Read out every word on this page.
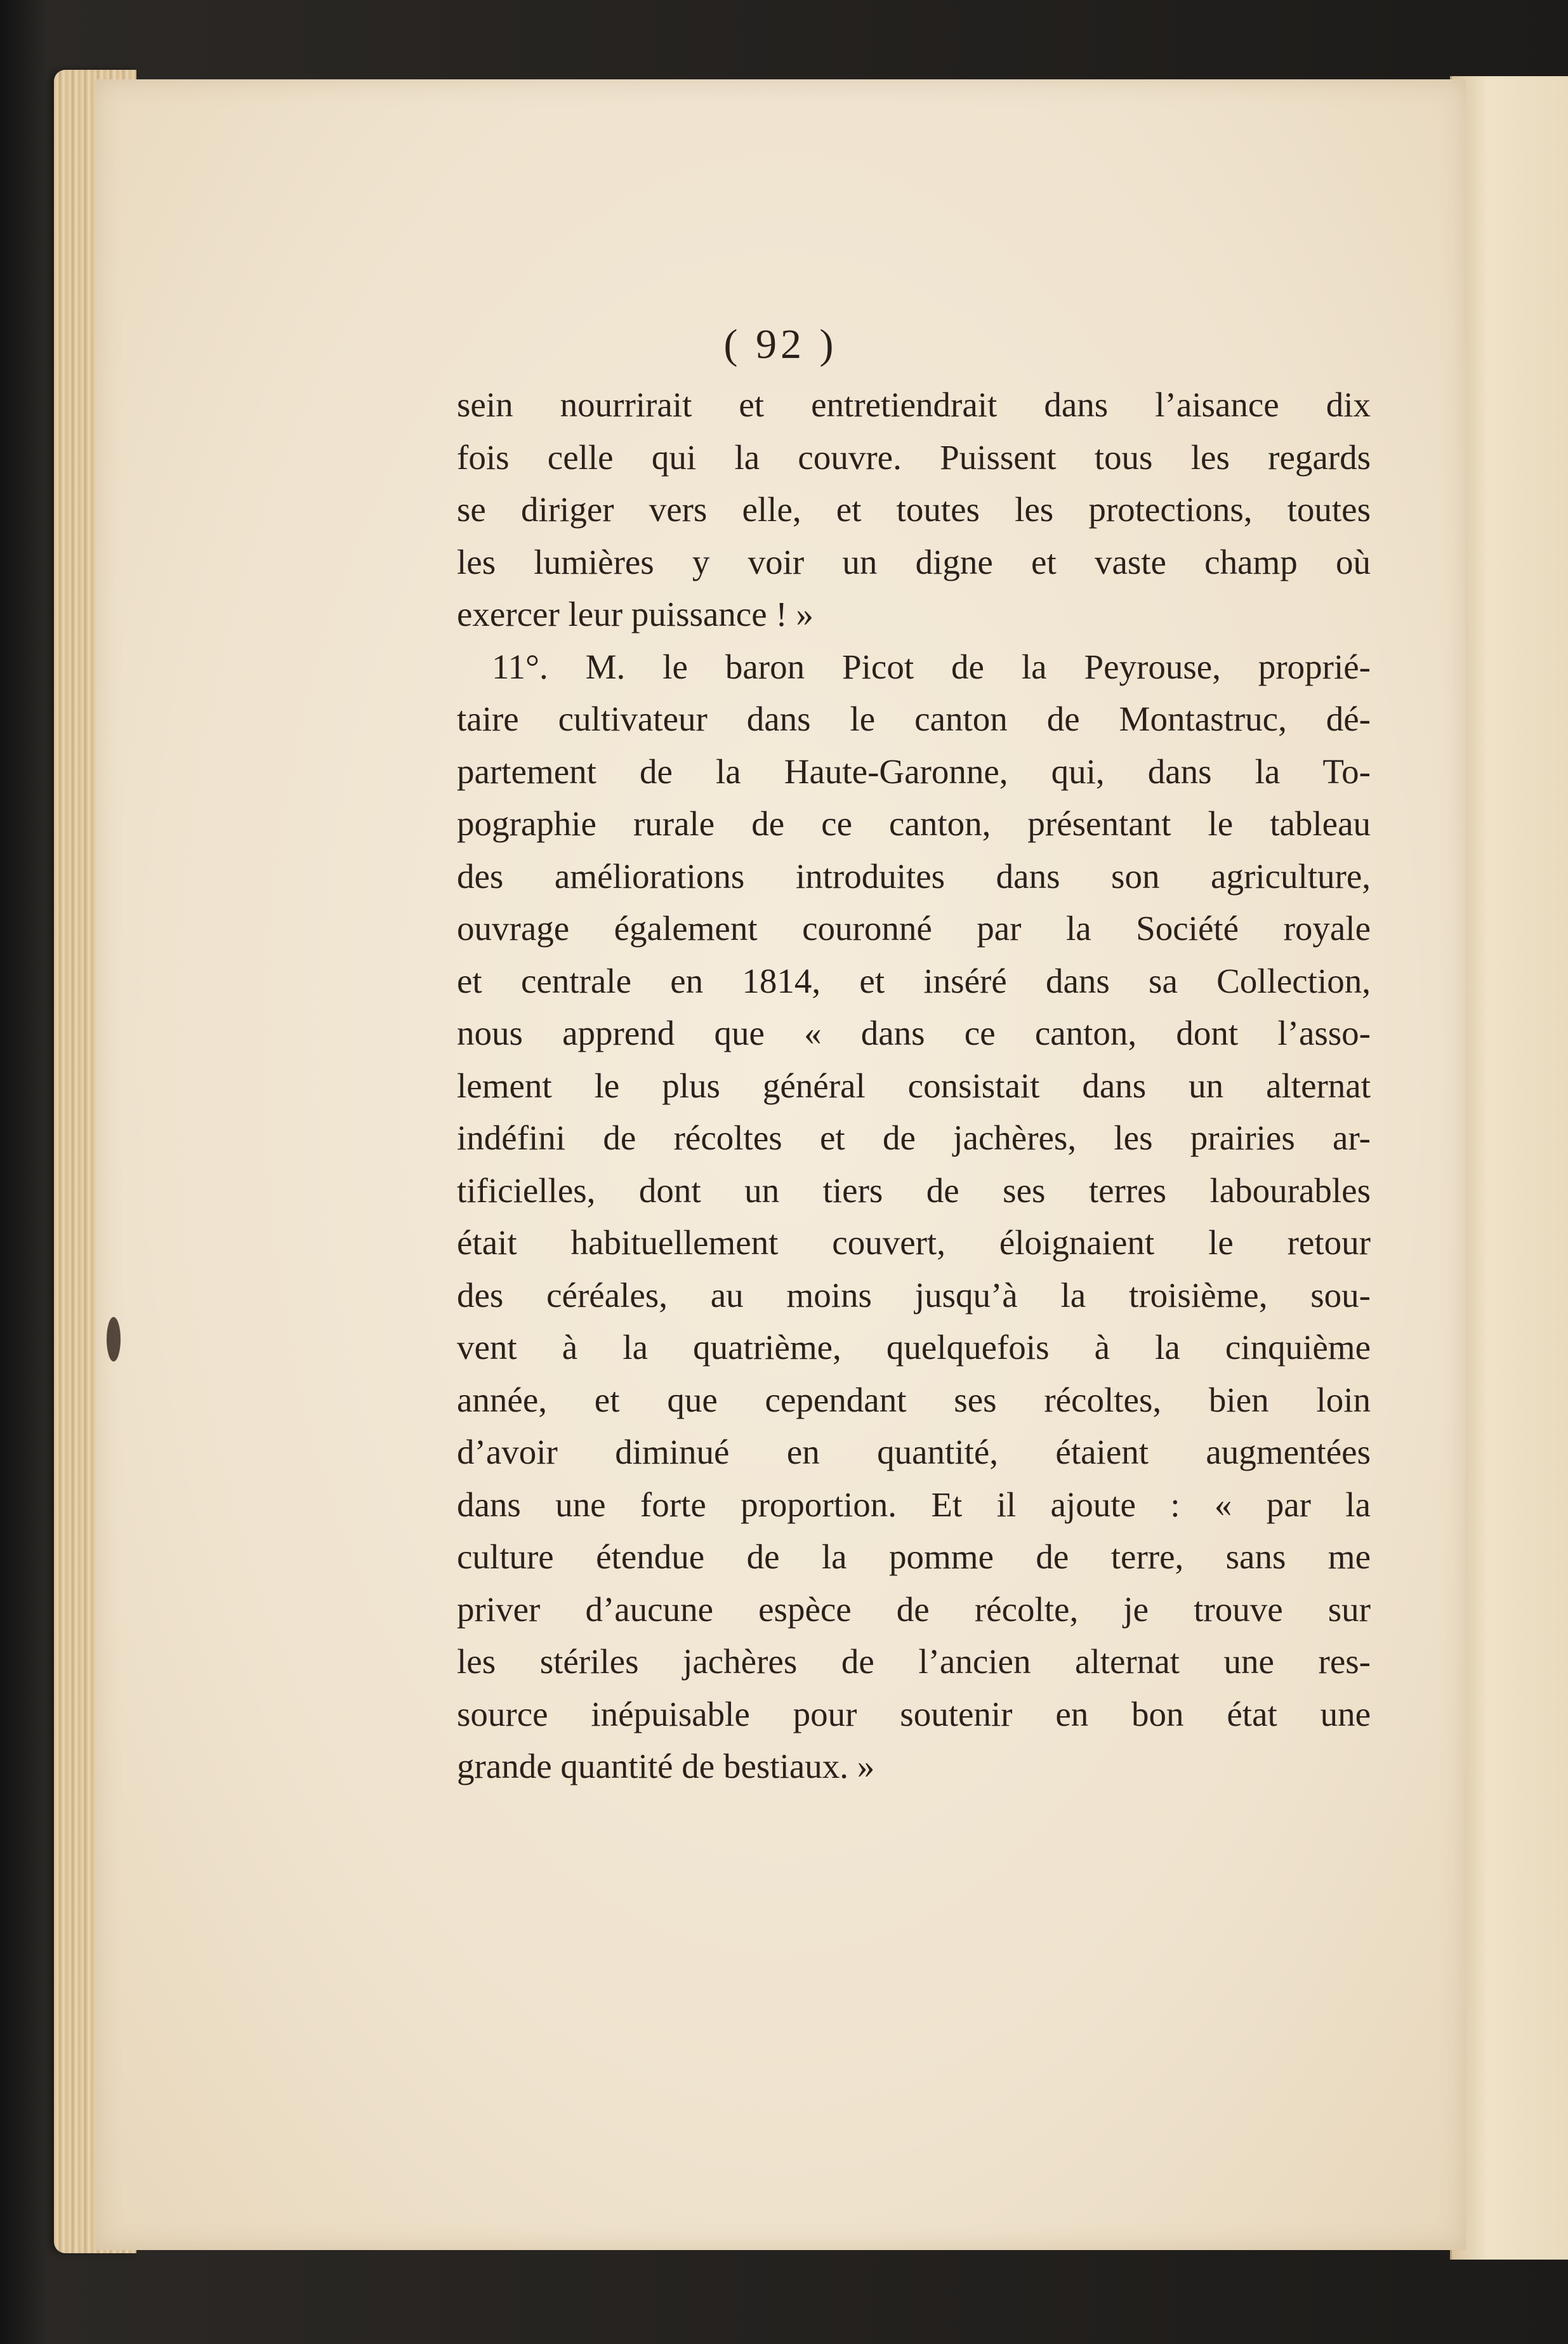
( 92 )
sein nourrirait et entretiendrait dans l’aisance dix
fois celle qui la couvre. Puissent tous les regards
se diriger vers elle, et toutes les protections, toutes
les lumières y voir un digne et vaste champ où
exercer leur puissance ! »
11°. M. le baron Picot de la Peyrouse, proprié-
taire cultivateur dans le canton de Montastruc, dé-
partement de la Haute-Garonne, qui, dans la To-
pographie rurale de ce canton, présentant le tableau
des améliorations introduites dans son agriculture,
ouvrage également couronné par la Société royale
et centrale en 1814, et inséré dans sa Collection,
nous apprend que « dans ce canton, dont l’asso-
lement le plus général consistait dans un alternat
indéfini de récoltes et de jachères, les prairies ar-
tificielles, dont un tiers de ses terres labourables
était habituellement couvert, éloignaient le retour
des céréales, au moins jusqu’à la troisième, sou-
vent à la quatrième, quelquefois à la cinquième
année, et que cependant ses récoltes, bien loin
d’avoir diminué en quantité, étaient augmentées
dans une forte proportion. Et il ajoute : « par la
culture étendue de la pomme de terre, sans me
priver d’aucune espèce de récolte, je trouve sur
les stériles jachères de l’ancien alternat une res-
source inépuisable pour soutenir en bon état une
grande quantité de bestiaux. »
